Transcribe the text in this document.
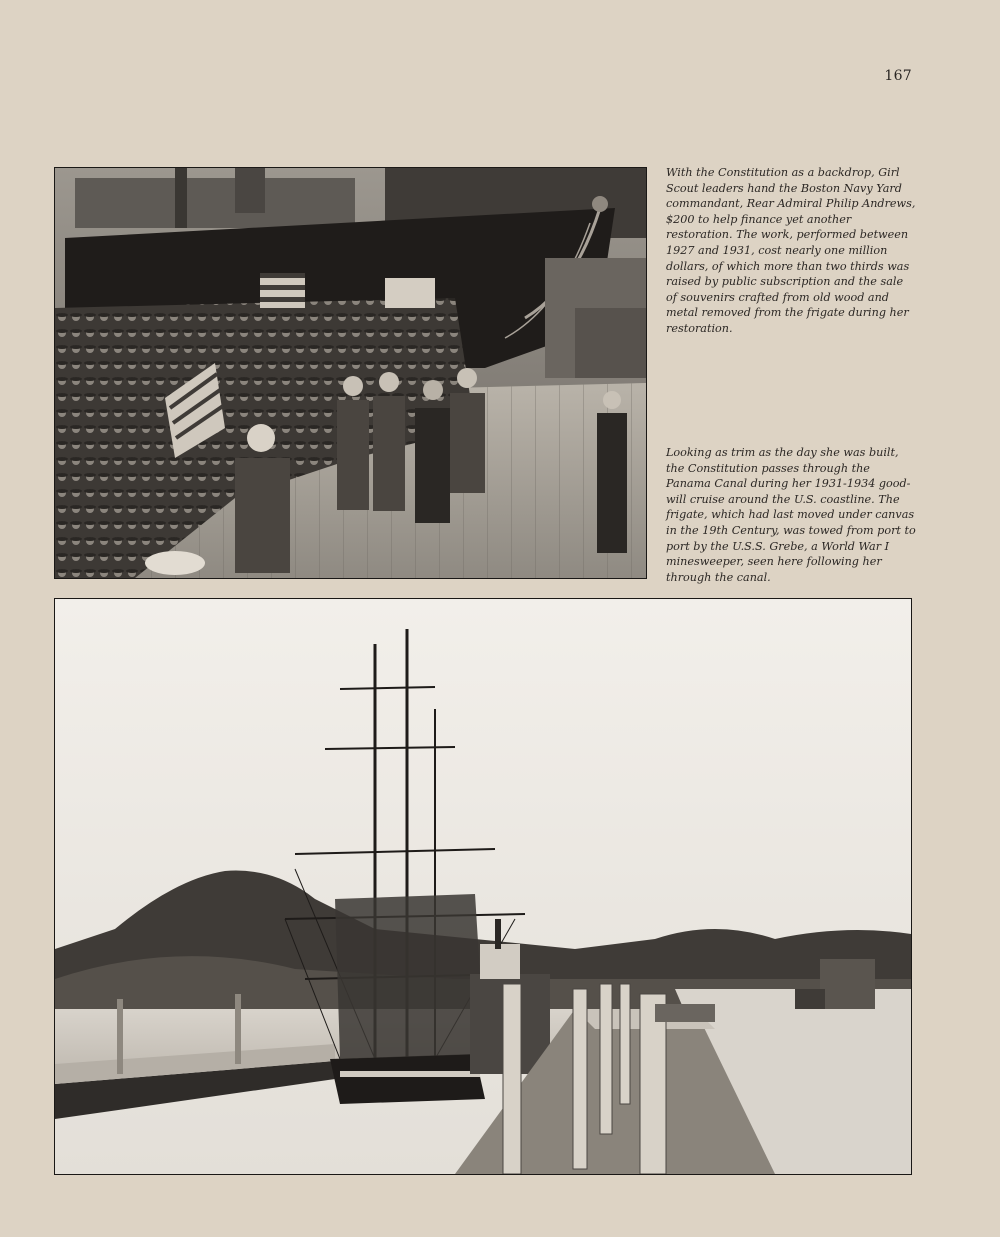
167

With the Constitution as a backdrop, Girl Scout leaders hand the Boston Navy Yard commandant, Rear Admiral Philip Andrews, $200 to help finance yet another restoration. The work, performed between 1927 and 1931, cost nearly one million dollars, of which more than two thirds was raised by public subscription and the sale of souvenirs crafted from old wood and metal removed from the frigate during her restoration.

Looking as trim as the day she was built, the Constitution passes through the Panama Canal during her 1931-1934 good-will cruise around the U.S. coastline. The frigate, which had last moved under canvas in the 19th Century, was towed from port to port by the U.S.S. Grebe, a World War I minesweeper, seen here following her through the canal.
